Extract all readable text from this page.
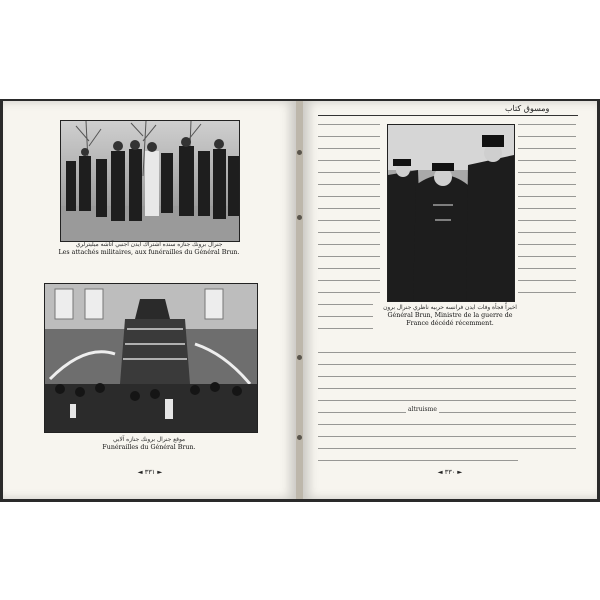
جنرال برونك جنازه سنده اشتراك ايدن اجنبي آتاشه ميليترلري
Les attachés militaires, aux funérailles du Général Brun.
موقع جنرال برونك جنازه آلايي
Funérailles du Général Brun.
◄ ٣٣١ ►
ومسوق كتاب
اخيراً فجأة وفات ايدن فرانسه حربيه ناظري جنرال برون
Général Brun, Ministre de la guerre de
France décédé récemment.
altruisme
◄ ٣٣٠ ►
